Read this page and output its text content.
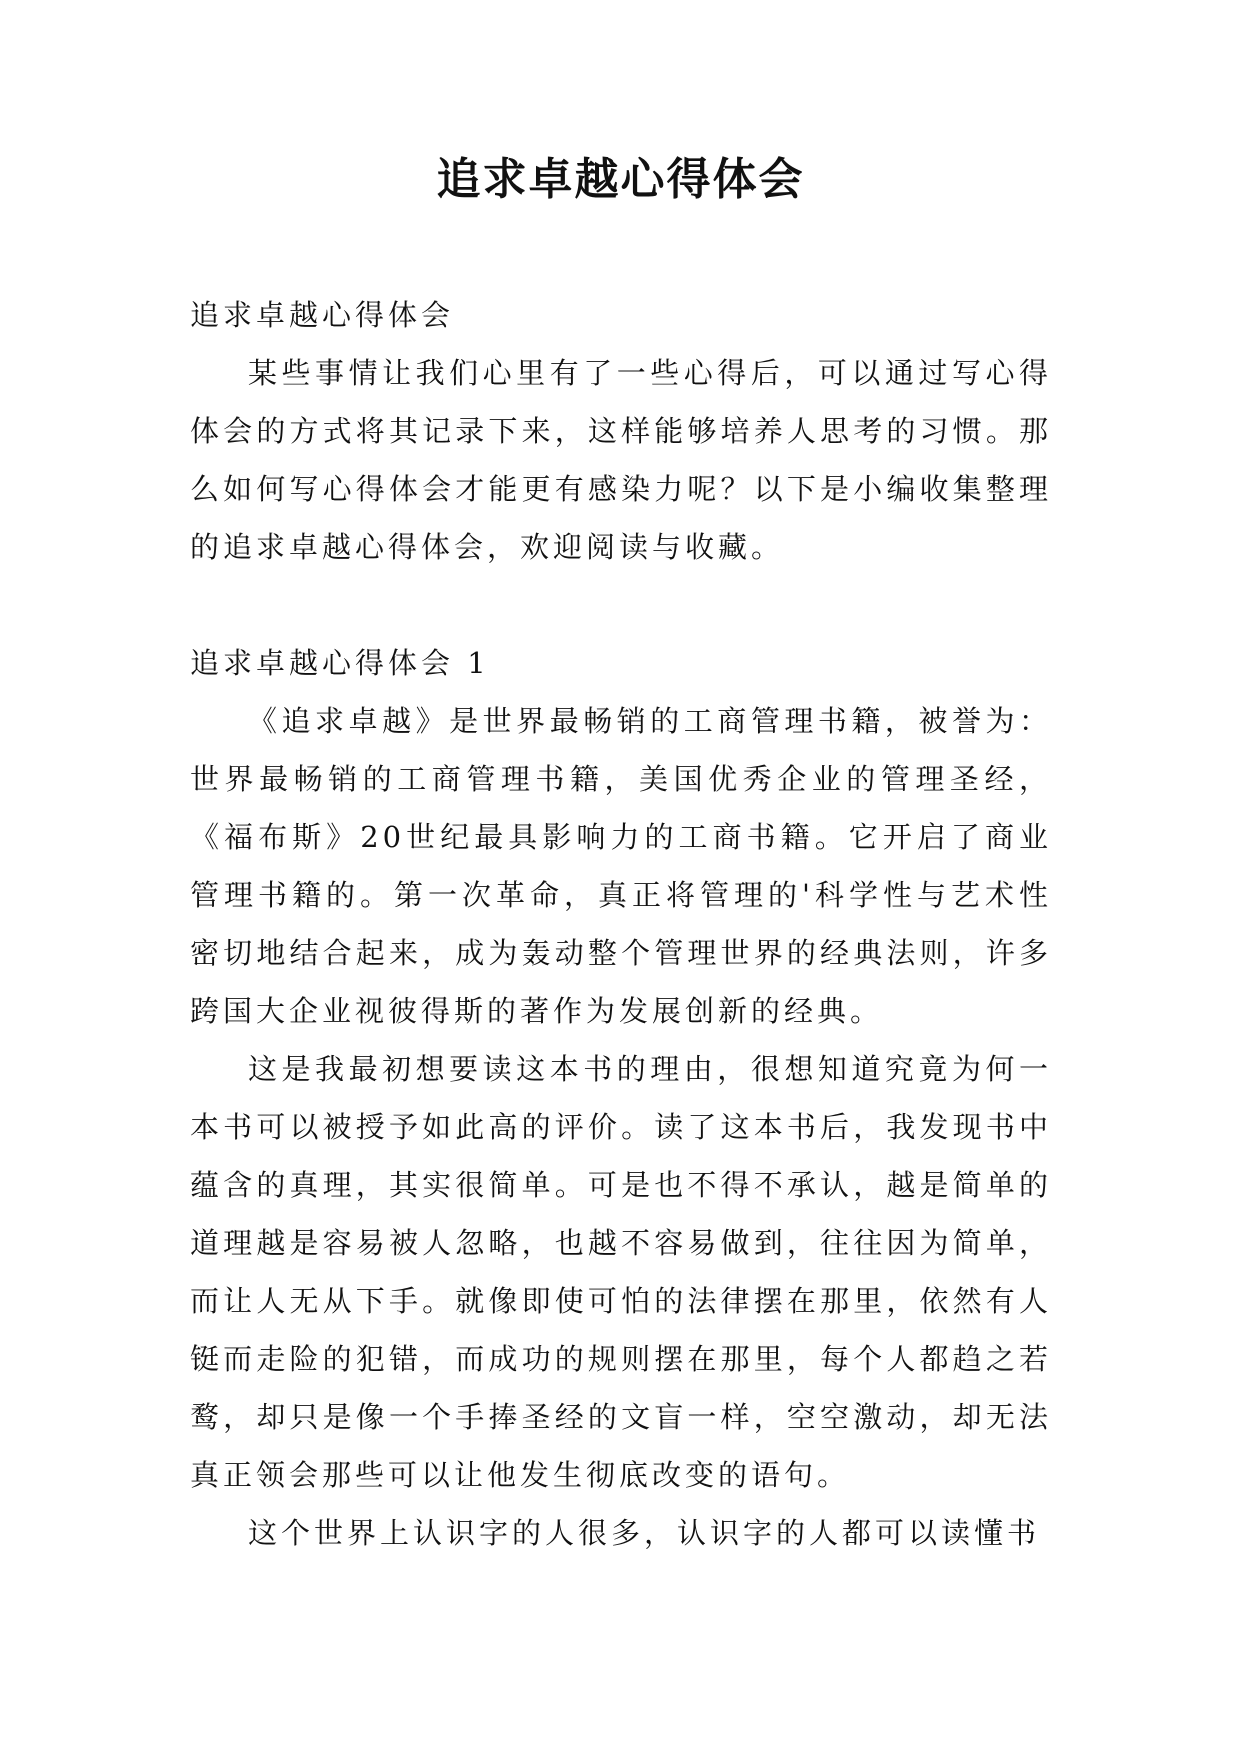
追求卓越心得体会

追求卓越心得体会

某些事情让我们心里有了一些心得后，可以通过写心得体会的方式将其记录下来，这样能够培养人思考的习惯。那么如何写心得体会才能更有感染力呢？以下是小编收集整理的追求卓越心得体会，欢迎阅读与收藏。

追求卓越心得体会 1

《追求卓越》是世界最畅销的工商管理书籍，被誉为：世界最畅销的工商管理书籍，美国优秀企业的管理圣经，《福布斯》20世纪最具影响力的工商书籍。它开启了商业管理书籍的。第一次革命，真正将管理的'科学性与艺术性密切地结合起来，成为轰动整个管理世界的经典法则，许多跨国大企业视彼得斯的著作为发展创新的经典。

这是我最初想要读这本书的理由，很想知道究竟为何一本书可以被授予如此高的评价。读了这本书后，我发现书中蕴含的真理，其实很简单。可是也不得不承认，越是简单的道理越是容易被人忽略，也越不容易做到，往往因为简单，而让人无从下手。就像即使可怕的法律摆在那里，依然有人铤而走险的犯错，而成功的规则摆在那里，每个人都趋之若鹜，却只是像一个手捧圣经的文盲一样，空空激动，却无法真正领会那些可以让他发生彻底改变的语句。

这个世界上认识字的人很多，认识字的人都可以读懂书
